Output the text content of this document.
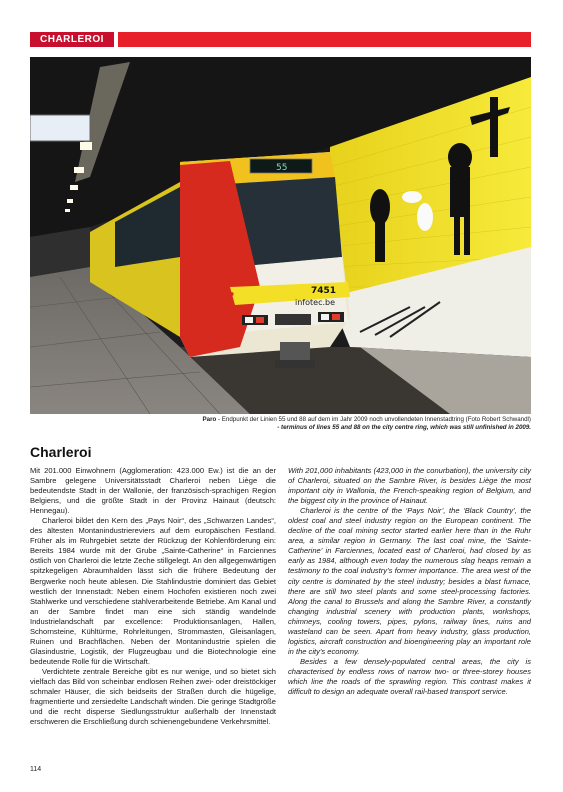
CHARLEROI
55
TEC	7451
infotec.be
Paro - Endpunkt der Linien 55 und 88 auf dem im Jahr 2009 noch unvollendeten Innenstadtring (Foto Robert Schwandl)
- terminus of lines 55 and 88 on the city centre ring, which was still unfinished in 2009.
Charleroi

Mit 201.000 Einwohnern (Agglomeration: 423.000 Ew.) ist die an der Sambre gelegene Universitätsstadt Charleroi neben Liège die bedeutendste Stadt in der Wallonie, der französisch-sprachigen Region Belgiens, und die größte Stadt in der Provinz Hainaut (deutsch: Hennegau).

Charleroi bildet den Kern des „Pays Noir“, des „Schwarzen Landes“, des ältesten Montanindustriereviers auf dem europäischen Festland. Früher als im Ruhrgebiet setzte der Rückzug der Kohlenförderung ein: Bereits 1984 wurde mit der Grube „Sainte-Catherine“ in Farciennes östlich von Charleroi die letzte Zeche stillgelegt. An den allgegenwärtigen spitzkegeligen Abraumhalden lässt sich die frühere Bedeutung der Bergwerke noch heute ablesen. Die Stahlindustrie dominiert das Gebiet westlich der Innenstadt: Neben einem Hochofen existieren noch zwei Stahlwerke und verschiedene stahlverarbeitende Betriebe. Am Kanal und an der Sambre findet man eine sich ständig wandelnde Industrielandschaft par excellence: Produktionsanlagen, Hallen, Schornsteine, Kühltürme, Rohrleitungen, Strommasten, Gleisanlagen, Ruinen und Brachflächen. Neben der Montanindustrie spielen die Glasindustrie, Logistik, der Flugzeugbau und die Biotechnologie eine bedeutende Rolle für die Wirtschaft.

Verdichtete zentrale Bereiche gibt es nur wenige, und so bietet sich vielfach das Bild von scheinbar endlosen Reihen zwei- oder dreistöckiger schmaler Häuser, die sich beidseits der Straßen durch die hügelige, fragmentierte und zersiedelte Landschaft winden. Die geringe Stadtgröße und die recht disperse Siedlungsstruktur außerhalb der Innenstadt erschweren die Erschließung durch schienengebundene Verkehrsmittel.

With 201,000 inhabitants (423,000 in the conurbation), the university city of Charleroi, situated on the Sambre River, is besides Liège the most important city in Wallonia, the French-speaking region of Belgium, and the biggest city in the province of Hainaut.

Charleroi is the centre of the ‘Pays Noir’, the ‘Black Country’, the oldest coal and steel industry region on the European continent. The decline of the coal mining sector started earlier here than in the Ruhr area, a similar region in Germany. The last coal mine, the ‘Sainte-Catherine’ in Farciennes, located east of Charleroi, had closed by as early as 1984, although even today the numerous slag heaps remain a testimony to the coal industry’s former importance. The area west of the city centre is dominated by the steel industry; besides a blast furnace, there are still two steel plants and some steel-processing factories. Along the canal to Brussels and along the Sambre River, a constantly changing industrial scenery with production plants, workshops, chimneys, cooling towers, pipes, pylons, railway lines, ruins and wasteland can be seen. Apart from heavy industry, glass production, logistics, aircraft construction and bioengineering play an important role in the city’s economy.

Besides a few densely-populated central areas, the city is characterised by endless rows of narrow two- or three-storey houses which line the roads of the sprawling region. This contrast makes it difficult to design an adequate overall rail-based transport service.

114
